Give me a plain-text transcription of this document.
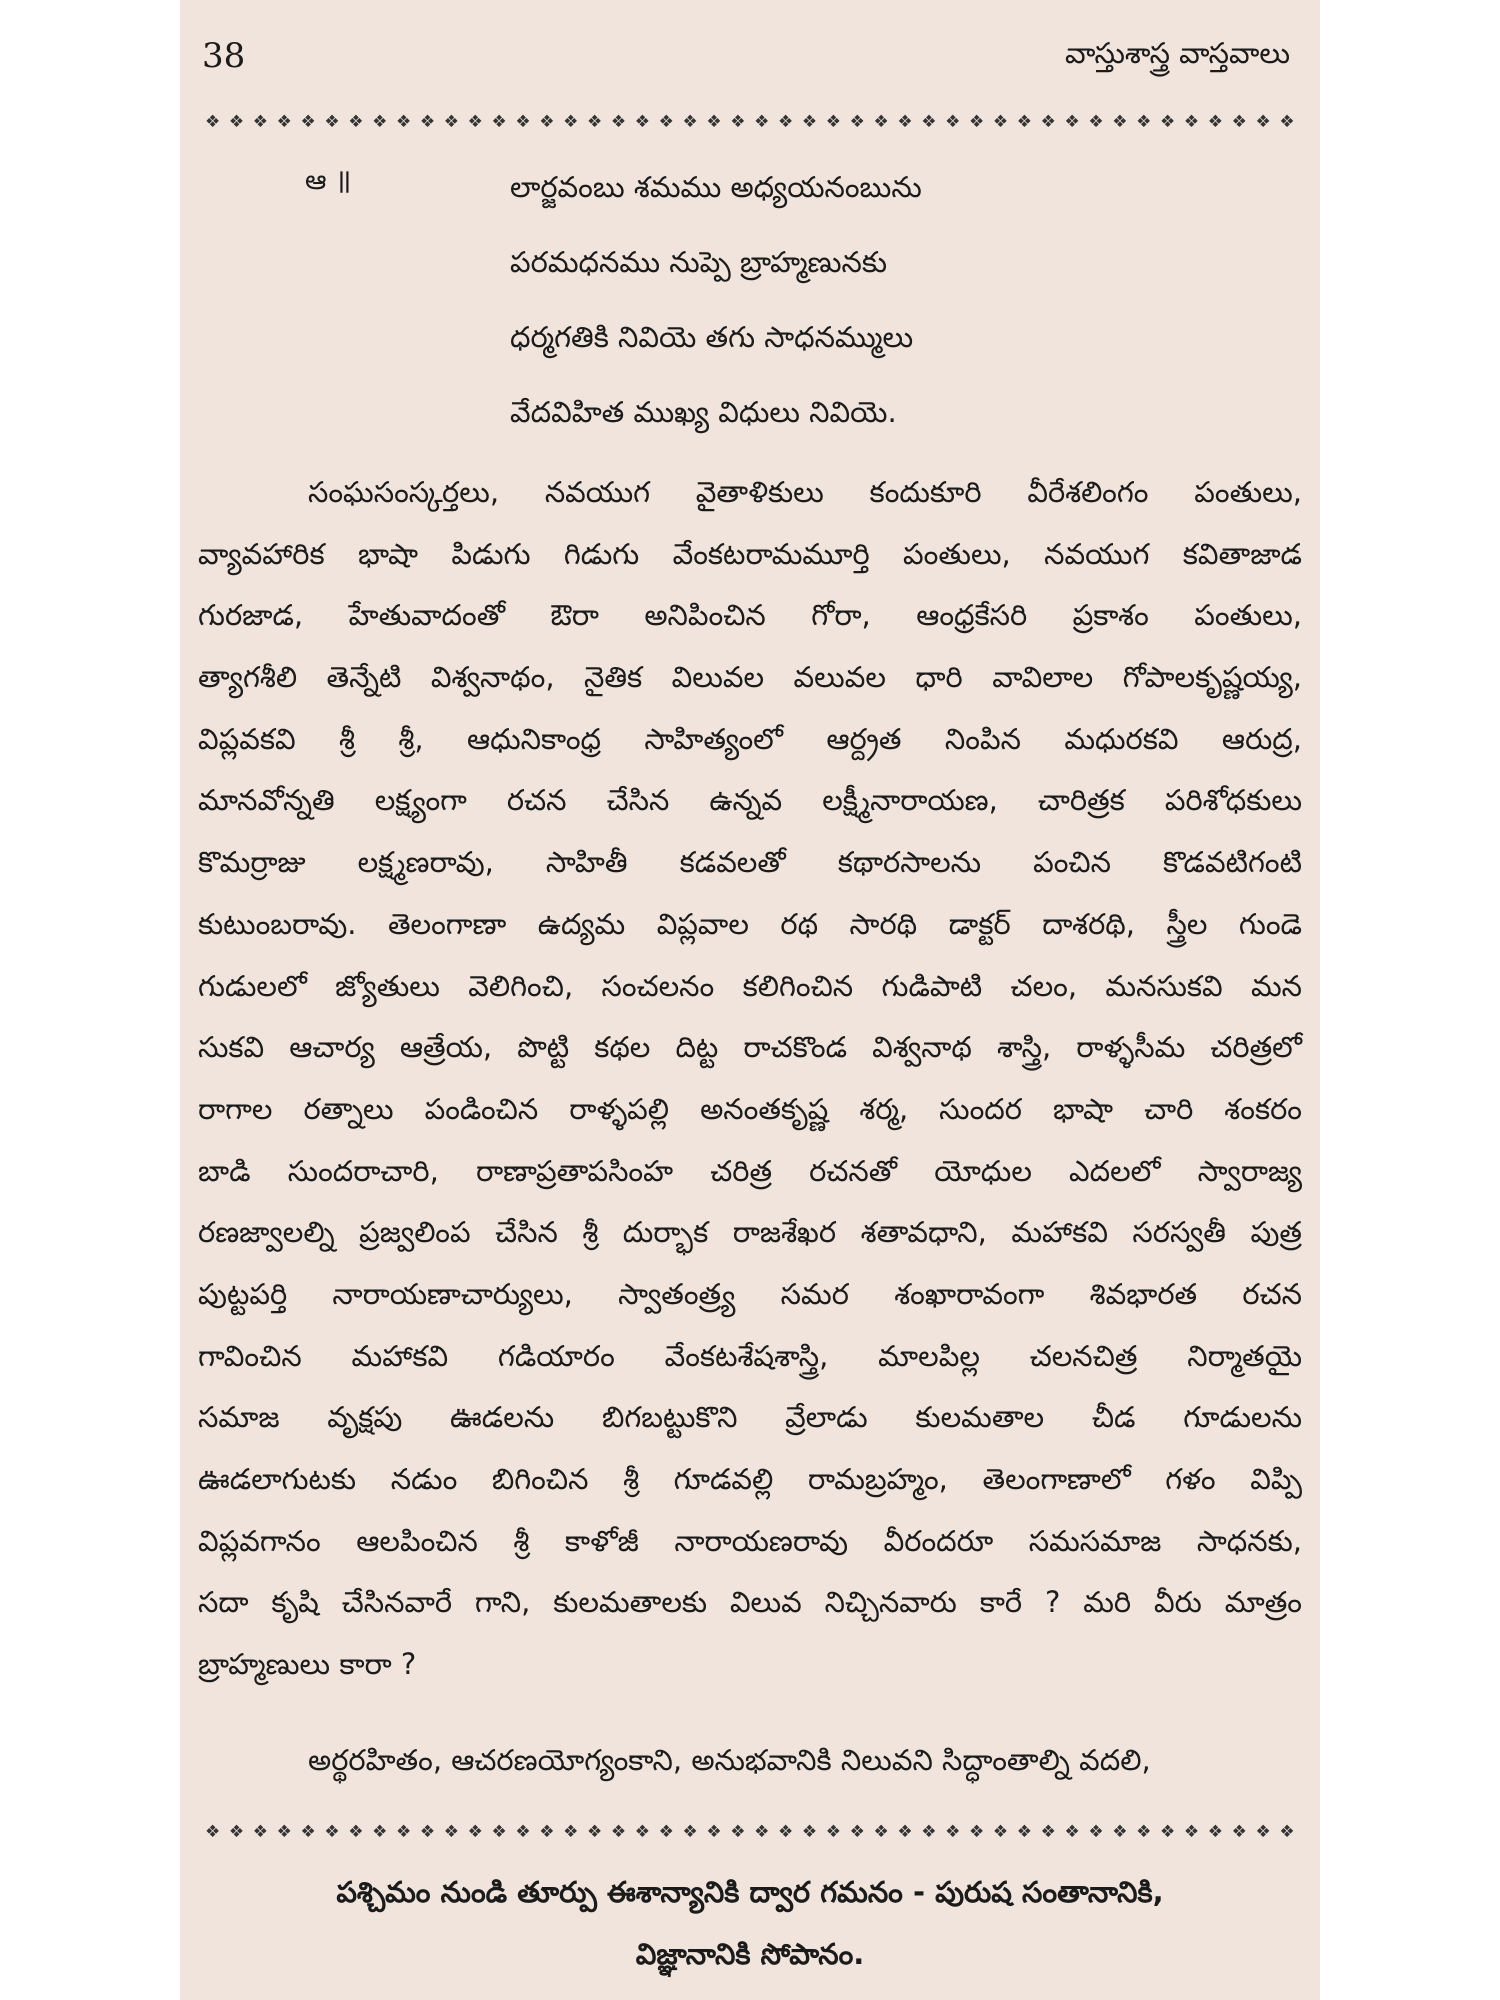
38	వాస్తుశాస్త్ర వాస్తవాలు
❖ ❖ ❖ ❖ ❖ ❖ ❖ ❖ ❖ ❖ ❖ ❖ ❖ ❖ ❖ ❖ ❖ ❖ ❖ ❖ ❖ ❖ ❖ ❖ ❖ ❖ ❖ ❖ ❖ ❖ ❖ ❖ ❖ ❖ ❖ ❖ ❖ ❖ ❖ ❖ ❖ ❖ ❖ ❖ ❖ ❖
ఆ ॥	లార్జవంబు శమము అధ్యయనంబును
పరమధనము నుప్పె బ్రాహ్మణునకు
ధర్మగతికి నివియె తగు సాధనమ్ములు
వేదవిహిత ముఖ్య విధులు నివియె.
సంఘసంస్కర్తలు, నవయుగ వైతాళికులు కందుకూరి వీరేశలింగం పంతులు,
వ్యావహారిక భాషా పిడుగు గిడుగు వేంకటరామమూర్తి పంతులు, నవయుగ కవితాజాడ
గురజాడ, హేతువాదంతో ఔరా అనిపించిన గోరా, ఆంధ్రకేసరి ప్రకాశం పంతులు,
త్యాగశీలి తెన్నేటి విశ్వనాథం, నైతిక విలువల వలువల ధారి వావిలాల గోపాలకృష్ణయ్య,
విప్లవకవి శ్రీ శ్రీ, ఆధునికాంధ్ర సాహిత్యంలో ఆర్ద్రత నింపిన మధురకవి ఆరుద్ర,
మానవోన్నతి లక్ష్యంగా రచన చేసిన ఉన్నవ లక్ష్మీనారాయణ, చారిత్రక పరిశోధకులు
కొమర్రాజు లక్ష్మణరావు, సాహితీ కడవలతో కథారసాలను పంచిన కొడవటిగంటి
కుటుంబరావు. తెలంగాణా ఉద్యమ విప్లవాల రథ సారథి డాక్టర్ దాశరథి, స్త్రీల గుండె
గుడులలో జ్యోతులు వెలిగించి, సంచలనం కలిగించిన గుడిపాటి చలం, మనసుకవి మన
సుకవి ఆచార్య ఆత్రేయ, పొట్టి కథల దిట్ట రాచకొండ విశ్వనాథ శాస్త్రి, రాళ్ళసీమ చరిత్రలో
రాగాల రత్నాలు పండించిన రాళ్ళపల్లి అనంతకృష్ణ శర్మ, సుందర భాషా చారి శంకరం
బాడి సుందరాచారి, రాణాప్రతాపసింహ చరిత్ర రచనతో యోధుల ఎదలలో స్వారాజ్య
రణజ్వాలల్ని ప్రజ్వలింప చేసిన శ్రీ దుర్భాక రాజశేఖర శతావధాని, మహాకవి సరస్వతీ పుత్ర
పుట్టపర్తి నారాయణాచార్యులు, స్వాతంత్ర్య సమర శంఖారావంగా శివభారత రచన
గావించిన మహాకవి గడియారం వేంకటశేషశాస్త్రి, మాలపిల్ల చలనచిత్ర నిర్మాతయై
సమాజ వృక్షపు ఊడలను బిగబట్టుకొని వ్రేలాడు కులమతాల చీడ గూడులను
ఊడలాగుటకు నడుం బిగించిన శ్రీ గూడవల్లి రామబ్రహ్మం, తెలంగాణాలో గళం విప్పి
విప్లవగానం ఆలపించిన శ్రీ కాళోజీ నారాయణరావు వీరందరూ సమసమాజ సాధనకు,
సదా కృషి చేసినవారే గాని, కులమతాలకు విలువ నిచ్చినవారు కారే ? మరి వీరు మాత్రం
బ్రాహ్మణులు కారా ?
అర్థరహితం, ఆచరణయోగ్యంకాని, అనుభవానికి నిలువని సిద్ధాంతాల్ని వదలి,
❖ ❖ ❖ ❖ ❖ ❖ ❖ ❖ ❖ ❖ ❖ ❖ ❖ ❖ ❖ ❖ ❖ ❖ ❖ ❖ ❖ ❖ ❖ ❖ ❖ ❖ ❖ ❖ ❖ ❖ ❖ ❖ ❖ ❖ ❖ ❖ ❖ ❖ ❖ ❖ ❖ ❖ ❖ ❖ ❖ ❖
పశ్చిమం నుండి తూర్పు ఈశాన్యానికి ద్వార గమనం - పురుష సంతానానికి,
విజ్ఞానానికి సోపానం.
